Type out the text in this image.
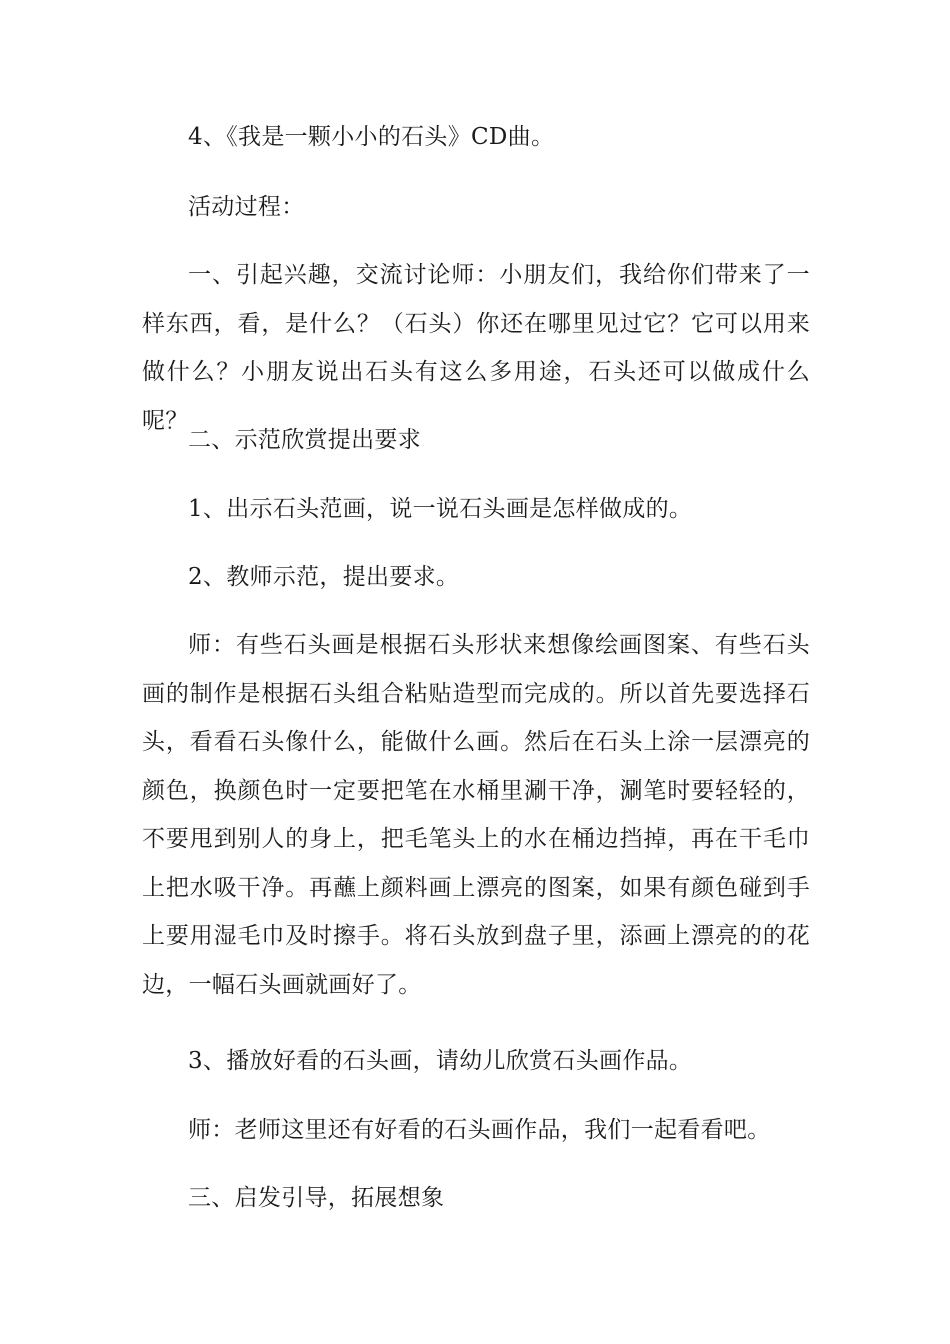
4、《我是一颗小小的石头》CD曲。

活动过程：

一、引起兴趣，交流讨论师：小朋友们，我给你们带来了一样东西，看，是什么？（石头）你还在哪里见过它？它可以用来做什么？小朋友说出石头有这么多用途，石头还可以做成什么呢？

二、示范欣赏提出要求

1、出示石头范画，说一说石头画是怎样做成的。

2、教师示范，提出要求。

师：有些石头画是根据石头形状来想像绘画图案、有些石头画的制作是根据石头组合粘贴造型而完成的。所以首先要选择石头，看看石头像什么，能做什么画。然后在石头上涂一层漂亮的颜色，换颜色时一定要把笔在水桶里涮干净，涮笔时要轻轻的，不要甩到别人的身上，把毛笔头上的水在桶边挡掉，再在干毛巾上把水吸干净。再蘸上颜料画上漂亮的图案，如果有颜色碰到手上要用湿毛巾及时擦手。将石头放到盘子里，添画上漂亮的的花边，一幅石头画就画好了。

3、播放好看的石头画，请幼儿欣赏石头画作品。

师：老师这里还有好看的石头画作品，我们一起看看吧。

三、启发引导，拓展想象
